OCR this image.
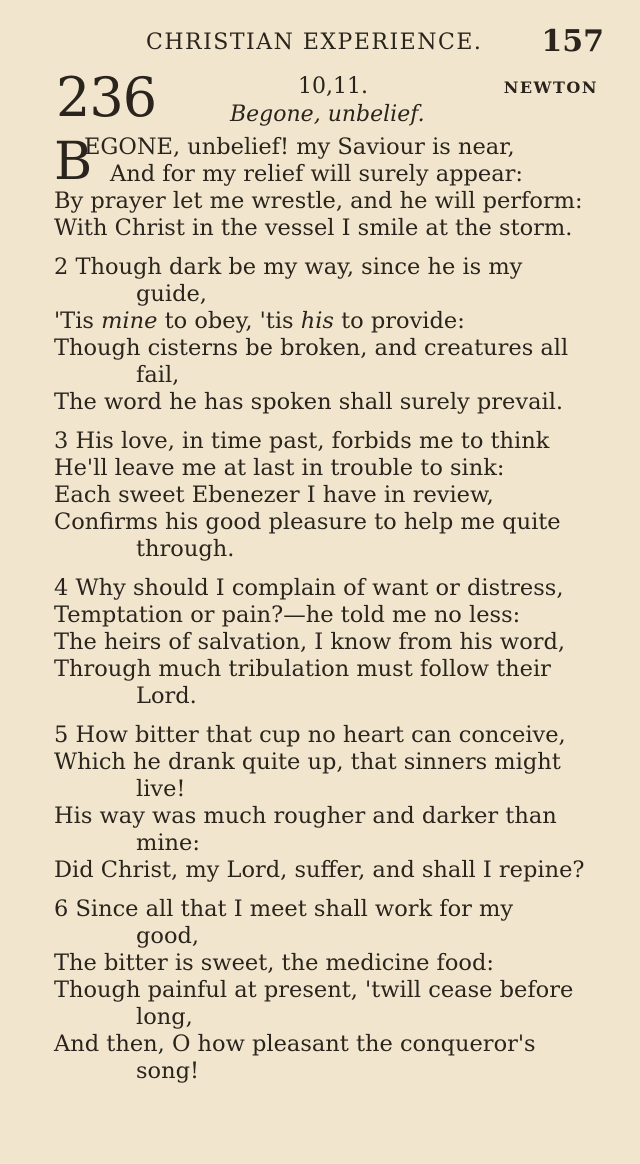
CHRISTIAN EXPERIENCE. 157
236	10,11.	NEWTON
Begone, unbelief.
B
EGONE, unbelief! my Saviour is near,
And for my relief will surely appear:
By prayer let me wrestle, and he will perform:
With Christ in the vessel I smile at the storm.
2 Though dark be my way, since he is my
guide,
'Tis mine to obey, 'tis his to provide:
Though cisterns be broken, and creatures all
fail,
The word he has spoken shall surely prevail.
3 His love, in time past, forbids me to think
He'll leave me at last in trouble to sink:
Each sweet Ebenezer I have in review,
Confirms his good pleasure to help me quite
through.
4 Why should I complain of want or distress,
Temptation or pain?—he told me no less:
The heirs of salvation, I know from his word,
Through much tribulation must follow their
Lord.
5 How bitter that cup no heart can conceive,
Which he drank quite up, that sinners might
live!
His way was much rougher and darker than
mine:
Did Christ, my Lord, suffer, and shall I repine?
6 Since all that I meet shall work for my
good,
The bitter is sweet, the medicine food:
Though painful at present, 'twill cease before
long,
And then, O how pleasant the conqueror's
song!
